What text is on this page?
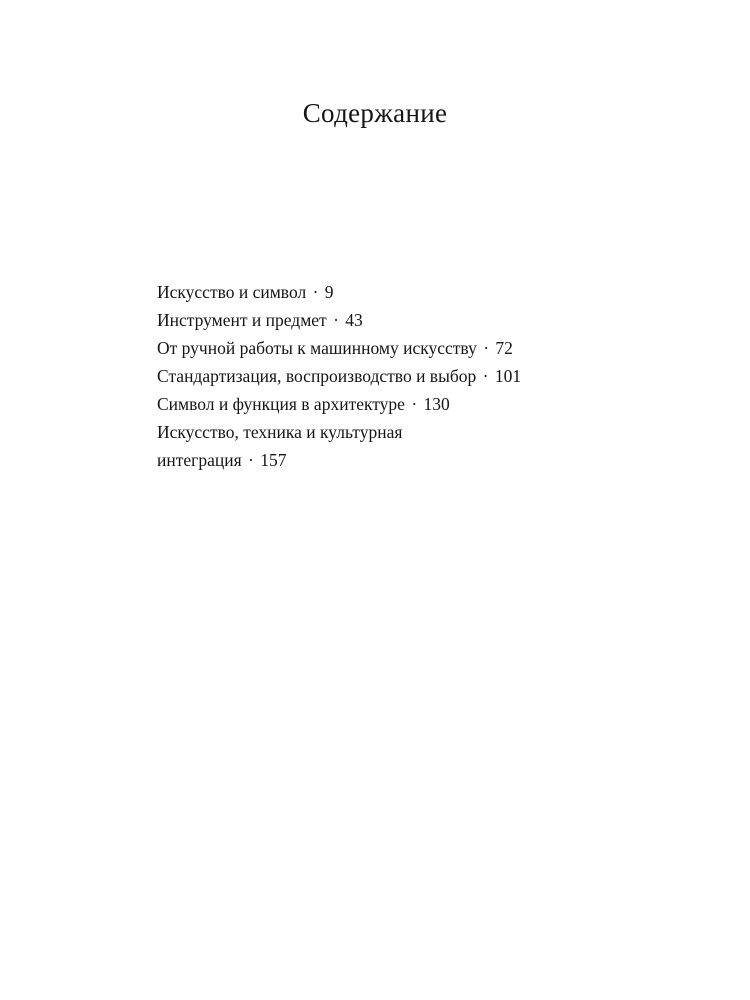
Содержание
Искусство и символ · 9
Инструмент и предмет · 43
От ручной работы к машинному искусству · 72
Стандартизация, воспроизводство и выбор · 101
Символ и функция в архитектуре · 130
Искусство, техника и культурная интеграция · 157
